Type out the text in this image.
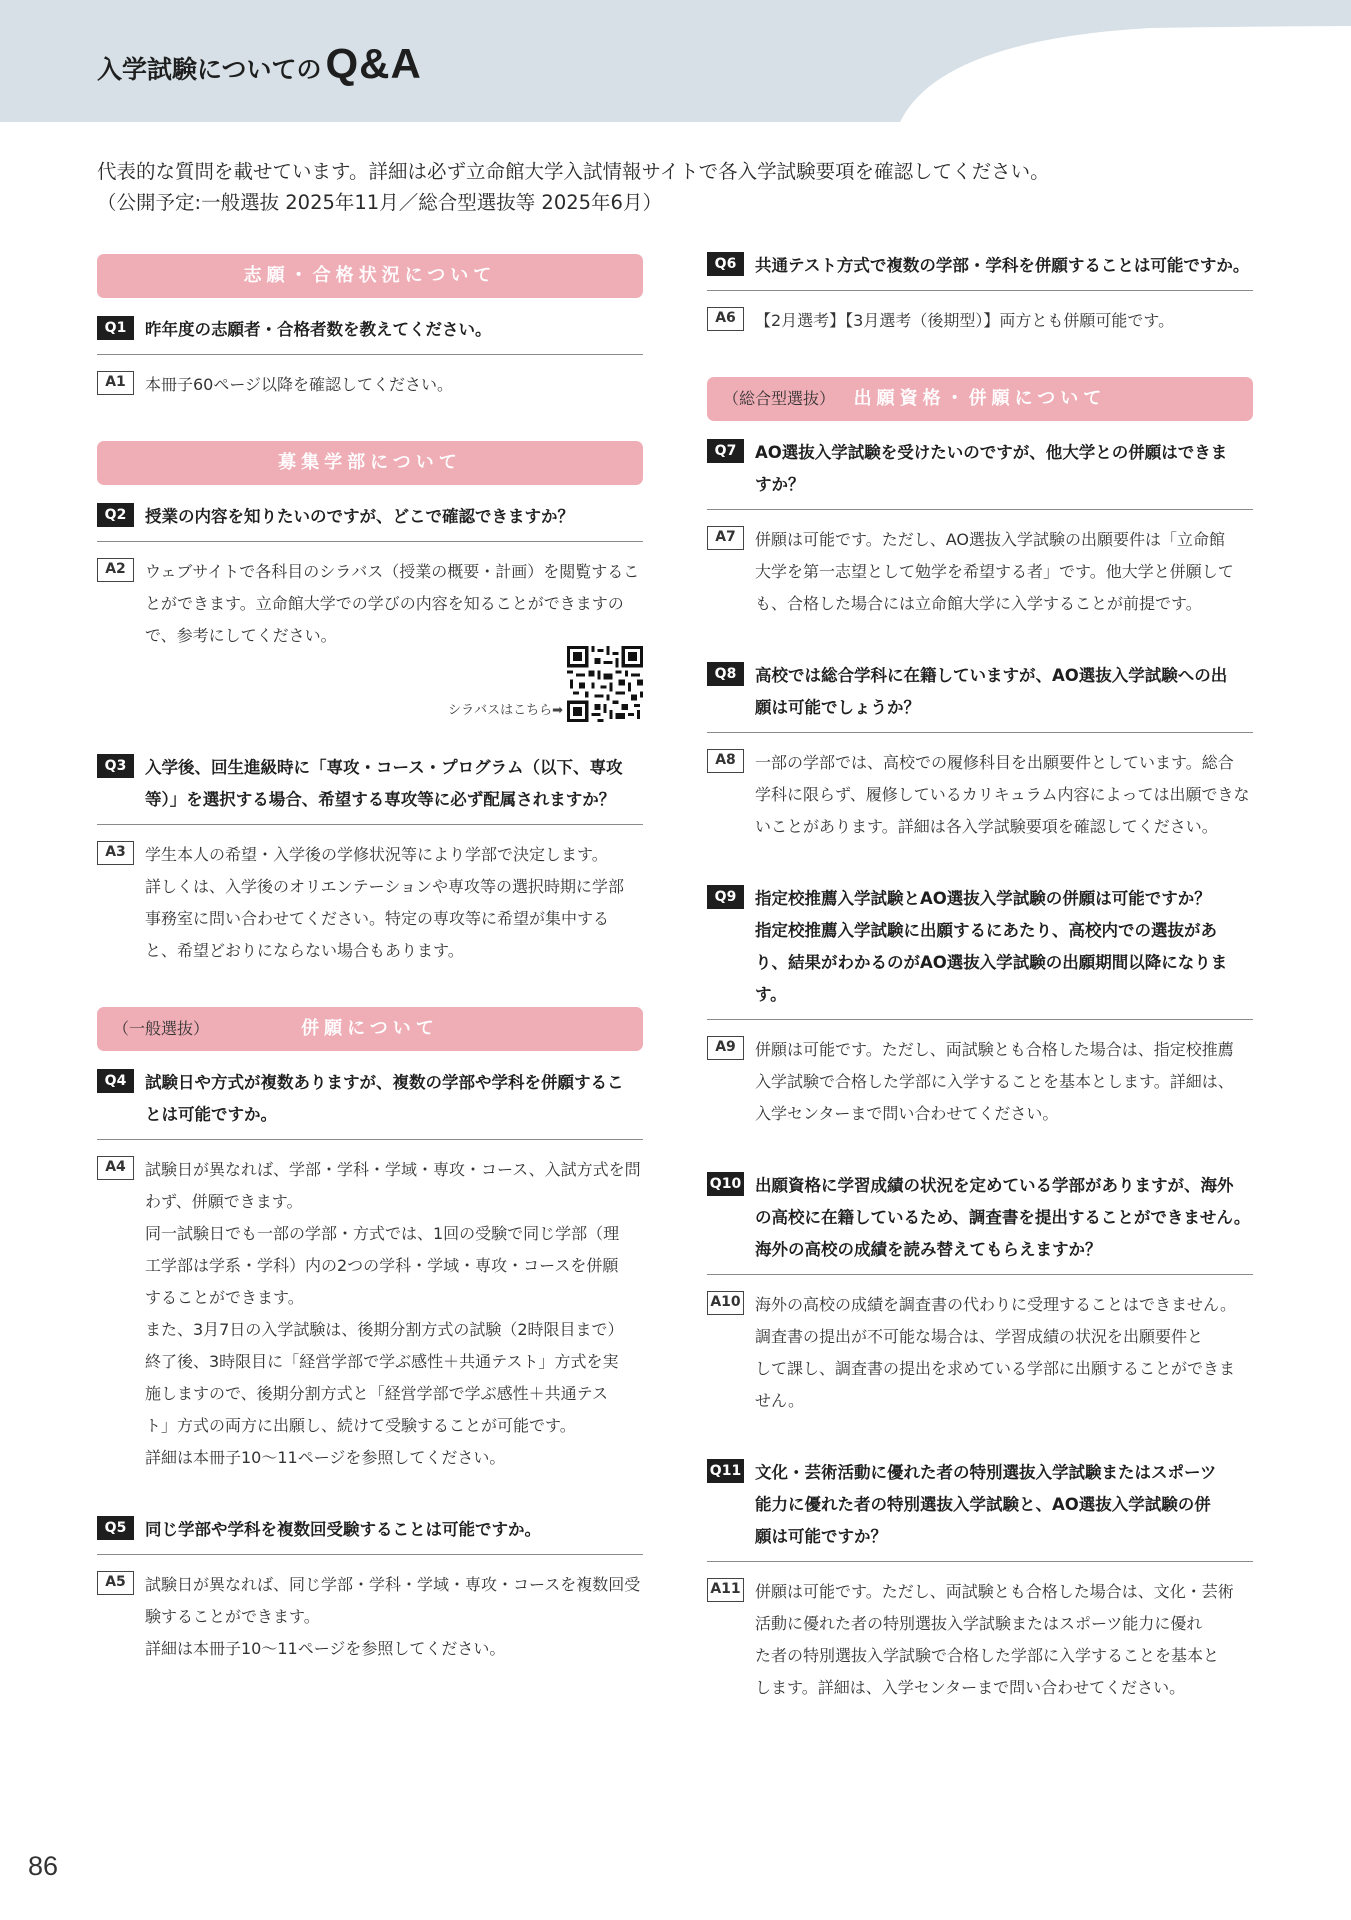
入学試験についての Q&A
代表的な質問を載せています。詳細は必ず立命館大学入試情報サイトで各入学試験要項を確認してください。
（公開予定:一般選抜 2025年11月／総合型選抜等 2025年6月）
志願・合格状況について
Q1	昨年度の志願者・合格者数を教えてください。
A1	本冊子60ページ以降を確認してください。
募集学部について
Q2	授業の内容を知りたいのですが、どこで確認できますか？
A2	ウェブサイトで各科目のシラバス（授業の概要・計画）を閲覧するこ
とができます。立命館大学での学びの内容を知ることができますの
で、参考にしてください。
シラバスはこちら➡
Q3	入学後、回生進級時に「専攻・コース・プログラム（以下、専攻
等）」を選択する場合、希望する専攻等に必ず配属されますか？
A3	学生本人の希望・入学後の学修状況等により学部で決定します。
詳しくは、入学後のオリエンテーションや専攻等の選択時期に学部
事務室に問い合わせてください。特定の専攻等に希望が集中する
と、希望どおりにならない場合もあります。
（一般選抜）	併願について
Q4	試験日や方式が複数ありますが、複数の学部や学科を併願するこ
とは可能ですか。
A4	試験日が異なれば、学部・学科・学域・専攻・コース、入試方式を問
わず、併願できます。
同一試験日でも一部の学部・方式では、1回の受験で同じ学部（理
工学部は学系・学科）内の2つの学科・学域・専攻・コースを併願
することができます。
また、3月7日の入学試験は、後期分割方式の試験（2時限目まで）
終了後、3時限目に「経営学部で学ぶ感性＋共通テスト」方式を実
施しますので、後期分割方式と「経営学部で学ぶ感性＋共通テス
ト」方式の両方に出願し、続けて受験することが可能です。
詳細は本冊子10〜11ページを参照してください。
Q5	同じ学部や学科を複数回受験することは可能ですか。
A5	試験日が異なれば、同じ学部・学科・学域・専攻・コースを複数回受
験することができます。
詳細は本冊子10〜11ページを参照してください。
Q6	共通テスト方式で複数の学部・学科を併願することは可能ですか。
A6	【2月選考】【3月選考（後期型）】両方とも併願可能です。
（総合型選抜）	出願資格・併願について
Q7	AO選抜入学試験を受けたいのですが、他大学との併願はできま
すか？
A7	併願は可能です。ただし、AO選抜入学試験の出願要件は「立命館
大学を第一志望として勉学を希望する者」です。他大学と併願して
も、合格した場合には立命館大学に入学することが前提です。
Q8	高校では総合学科に在籍していますが、AO選抜入学試験への出
願は可能でしょうか？
A8	一部の学部では、高校での履修科目を出願要件としています。総合
学科に限らず、履修しているカリキュラム内容によっては出願できな
いことがあります。詳細は各入学試験要項を確認してください。
Q9	指定校推薦入学試験とAO選抜入学試験の併願は可能ですか？
指定校推薦入学試験に出願するにあたり、高校内での選抜があ
り、結果がわかるのがAO選抜入学試験の出願期間以降になりま
す。
A9	併願は可能です。ただし、両試験とも合格した場合は、指定校推薦
入学試験で合格した学部に入学することを基本とします。詳細は、
入学センターまで問い合わせてください。
Q10 出願資格に学習成績の状況を定めている学部がありますが、海外
の高校に在籍しているため、調査書を提出することができません。
海外の高校の成績を読み替えてもらえますか？
A10 海外の高校の成績を調査書の代わりに受理することはできません。
調査書の提出が不可能な場合は、学習成績の状況を出願要件と
して課し、調査書の提出を求めている学部に出願することができま
せん。
Q11 文化・芸術活動に優れた者の特別選抜入学試験またはスポーツ
能力に優れた者の特別選抜入学試験と、AO選抜入学試験の併
願は可能ですか？
A11 併願は可能です。ただし、両試験とも合格した場合は、文化・芸術
活動に優れた者の特別選抜入学試験またはスポーツ能力に優れ
た者の特別選抜入学試験で合格した学部に入学することを基本と
します。詳細は、入学センターまで問い合わせてください。
86
